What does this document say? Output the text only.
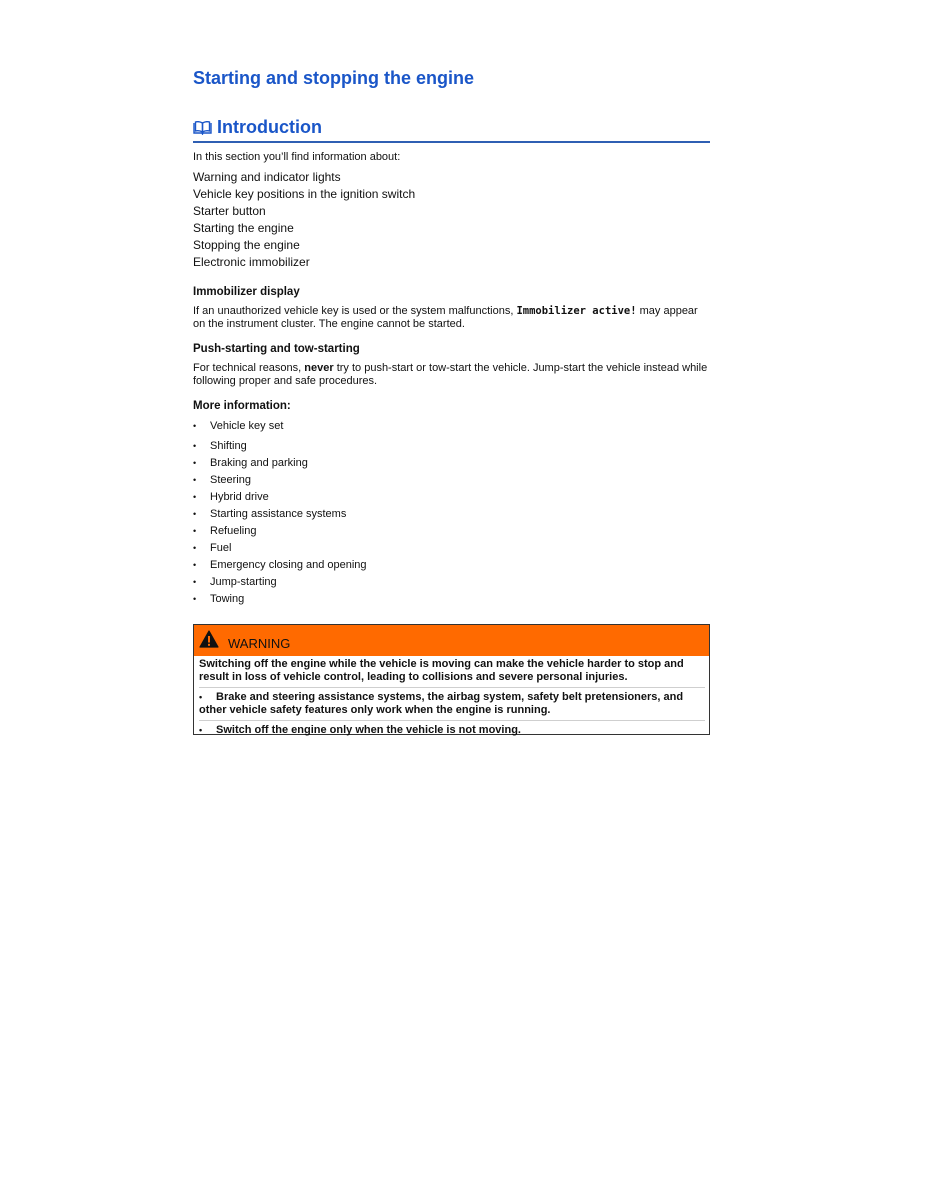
Starting and stopping the engine
Introduction
In this section you’ll find information about:
Warning and indicator lights
Vehicle key positions in the ignition switch
Starter button
Starting the engine
Stopping the engine
Electronic immobilizer
Immobilizer display
If an unauthorized vehicle key is used or the system malfunctions, Immobilizer active! may appear on the instrument cluster. The engine cannot be started.
Push-starting and tow-starting
For technical reasons, never try to push-start or tow-start the vehicle. Jump-start the vehicle instead while following proper and safe procedures.
More information:
• Vehicle key set
• Shifting
• Braking and parking
• Steering
• Hybrid drive
• Starting assistance systems
• Refueling
• Fuel
• Emergency closing and opening
• Jump-starting
• Towing
WARNING

Switching off the engine while the vehicle is moving can make the vehicle harder to stop and result in loss of vehicle control, leading to collisions and severe personal injuries.

• Brake and steering assistance systems, the airbag system, safety belt pretensioners, and other vehicle safety features only work when the engine is running.

• Switch off the engine only when the vehicle is not moving.
